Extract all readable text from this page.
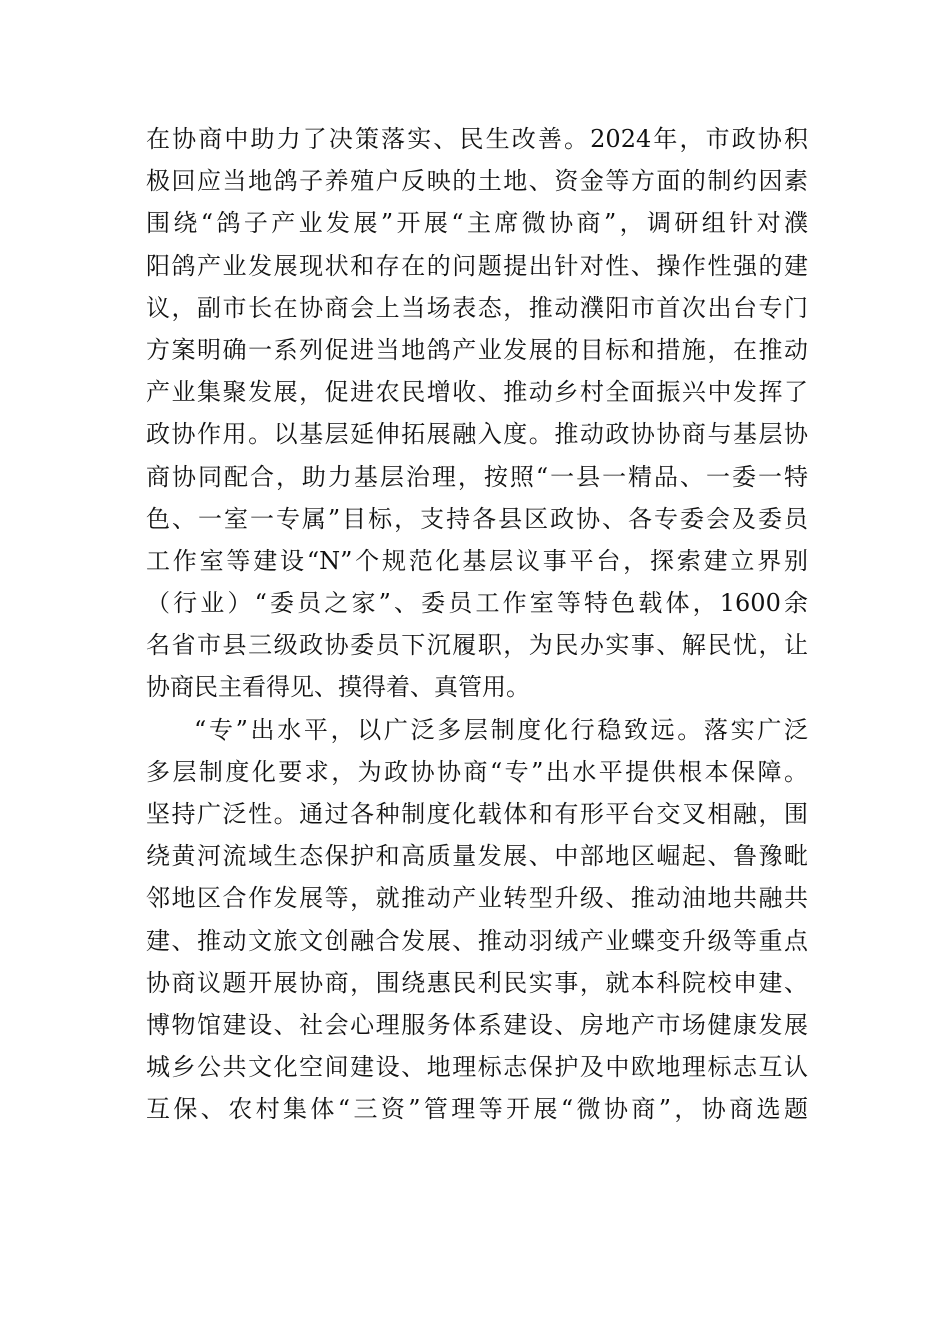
在协商中助力了决策落实、民生改善。2024年，市政协积
极回应当地鸽子养殖户反映的土地、资金等方面的制约因素
围绕“鸽子产业发展”开展“主席微协商”，调研组针对濮
阳鸽产业发展现状和存在的问题提出针对性、操作性强的建
议，副市长在协商会上当场表态，推动濮阳市首次出台专门
方案明确一系列促进当地鸽产业发展的目标和措施，在推动
产业集聚发展，促进农民增收、推动乡村全面振兴中发挥了
政协作用。以基层延伸拓展融入度。推动政协协商与基层协
商协同配合，助力基层治理，按照“一县一精品、一委一特
色、一室一专属”目标，支持各县区政协、各专委会及委员
工作室等建设“N”个规范化基层议事平台，探索建立界别
（行业）“委员之家”、委员工作室等特色载体，1600余
名省市县三级政协委员下沉履职，为民办实事、解民忧，让
协商民主看得见、摸得着、真管用。
“专”出水平，以广泛多层制度化行稳致远。落实广泛
多层制度化要求，为政协协商“专”出水平提供根本保障。
坚持广泛性。通过各种制度化载体和有形平台交叉相融，围
绕黄河流域生态保护和高质量发展、中部地区崛起、鲁豫毗
邻地区合作发展等，就推动产业转型升级、推动油地共融共
建、推动文旅文创融合发展、推动羽绒产业蝶变升级等重点
协商议题开展协商，围绕惠民利民实事，就本科院校申建、
博物馆建设、社会心理服务体系建设、房地产市场健康发展
城乡公共文化空间建设、地理标志保护及中欧地理标志互认
互保、农村集体“三资”管理等开展“微协商”，协商选题
